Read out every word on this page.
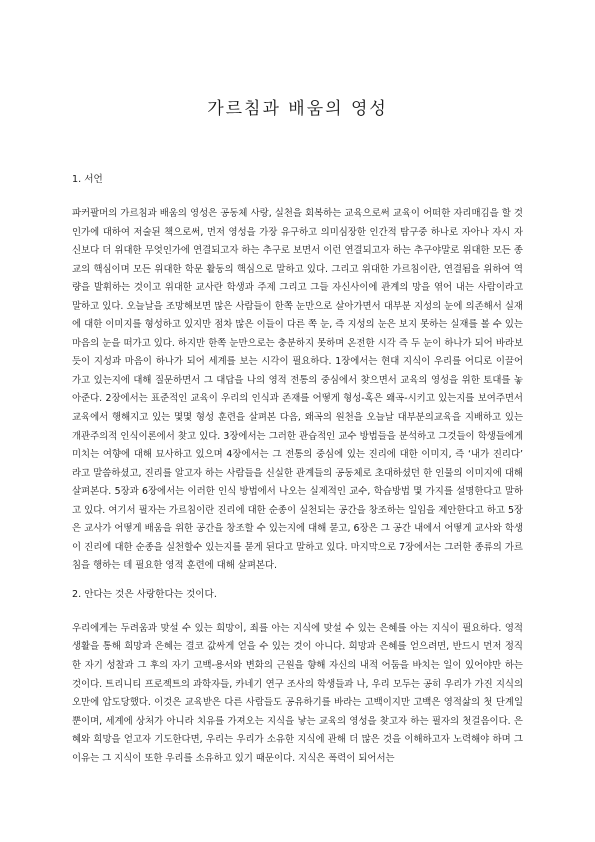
가르침과 배움의 영성
1. 서언

파커팔머의 가르침과 배움의 영성은 공동체 사랑, 실천을 회복하는 교육으로써 교육이 어떠한 자리매김을 할 것인가에 대하여 저술된 책으로써, 먼저 영성을 가장 유구하고 의미심장한 인간적 탐구중 하나로 자아나 자시 자신보다 더 위대한 무엇인가에 연결되고자 하는 추구로 보면서 이런 연결되고자 하는 추구야말로 위대한 모든 종교의 핵심이며 모든 위대한 학문 활동의 핵심으로 말하고 있다. 그리고 위대한 가르침이란, 연결됨을 위하여 역량을 발휘하는 것이고 위대한 교사란 학생과 주제 그리고 그들 자신사이에 관계의 망을 엮어 내는 사람이라고 말하고 있다. 오늘날을 조망해보면 많은 사람들이 한쪽 눈만으로 살아가면서 대부분 지성의 눈에 의존해서 실재에 대한 이미지를 형성하고 있지만 점차 많은 이들이 다른 쪽 눈, 즉 지성의 눈은 보지 못하는 실재를 볼 수 있는 마음의 눈을 떠가고 있다. 하지만 한쪽 눈만으로는 충분하지 못하며 온전한 시각 즉 두 눈이 하나가 되어 바라보듯이 지성과 마음이 하나가 되어 세계를 보는 시각이 필요하다. 1장에서는 현대 지식이 우리를 어디로 이끌어 가고 있는지에 대해 질문하면서 그 대답을 나의 영적 전통의 중심에서 찾으면서 교육의 영성을 위한 토대를 놓아준다. 2장에서는 표준적인 교육이 우리의 인식과 존재를 어떻게 형성-혹은 왜곡-시키고 있는지를 보여주면서 교육에서 행해지고 있는 몇몇 형성 훈련을 살펴본 다음, 왜곡의 원천을 오늘날 대부분의교육을 지배하고 있는 개관주의적 인식이론에서 찾고 있다. 3장에서는 그러한 관습적인 교수 방법들을 분석하고 그것들이 학생들에게 미치는 여향에 대해 묘사하고 있으며 4장에서는 그 전통의 중심에 있는 진리에 대한 이미지, 즉 ‘내가 진리다’ 라고 말씀하셨고, 진리를 알고자 하는 사람들을 신실한 관계들의 공동체로 초대하셨던 한 인물의 이미지에 대해 살펴본다. 5장과 6장에서는 이러한 인식 방법에서 나오는 실제적인 교수, 학습방법 몇 가지를 설명한다고 말하고 있다. 여기서 필자는 가르침이란 진리에 대한 순종이 실천되는 공간을 창조하는 일임을 제안한다고 하고 5장은 교사가 어떻게 배움을 위한 공간을 창조할 수 있는지에 대해 묻고, 6장은 그 공간 내에서 어떻게 교사와 학생이 진리에 대한 순종을 실천할수 있는지를 묻게 된다고 말하고 있다. 마지막으로 7장에서는 그러한 종류의 가르침을 행하는 데 필요한 영적 훈련에 대해 살펴본다.

2. 안다는 것은 사랑한다는 것이다.

우리에게는 두려움과 맞설 수 있는 희망이, 죄를 아는 지식에 맞설 수 있는 은혜를 아는 지식이 필요하다. 영적 생활을 통해 희망과 은혜는 결코 값싸게 얻을 수 있는 것이 아니다. 희망과 은혜를 얻으려면, 반드시 먼저 정직한 자기 성찰과 그 후의 자기 고백-용서와 변화의 근원을 향해 자신의 내적 어둠을 바치는 일이 있어야만 하는 것이다. 트리니티 프로젝트의 과학자들, 카네기 연구 조사의 학생들과 나, 우리 모두는 공히 우리가 가진 지식의 오만에 압도당했다. 이것은 교육받은 다른 사람들도 공유하기를 바라는 고백이지만 고백은 영적삶의 첫 단계일 뿐이며, 세계에 상처가 아니라 치유를 가져오는 지식을 낳는 교육의 영성을 찾고자 하는 필자의 첫걸음이다. 은혜와 희망을 얻고자 기도한다면, 우리는 우리가 소유한 지식에 관해 더 많은 것을 이해하고자 노력해야 하며 그 이유는 그 지식이 또한 우리를 소유하고 있기 때문이다. 지식은 폭력이 되어서는
